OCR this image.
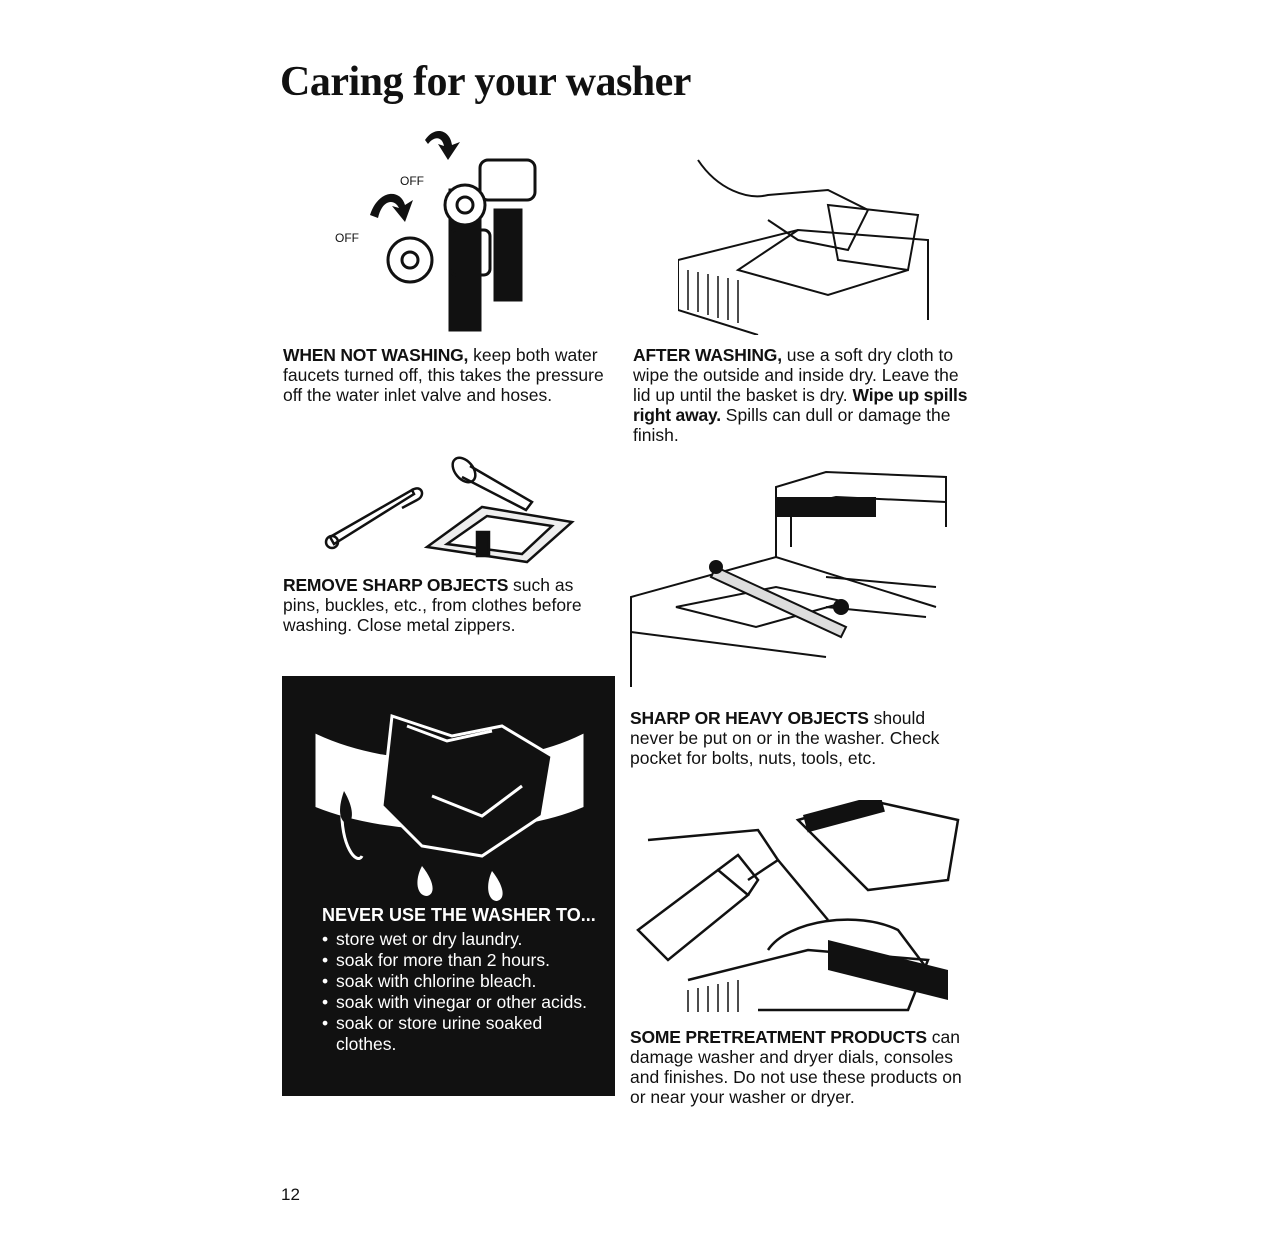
Caring for your washer
OFF
OFF
WHEN NOT WASHING, keep both water faucets turned off, this takes the pressure off the water inlet valve and hoses.
AFTER WASHING, use a soft dry cloth to wipe the outside and inside dry. Leave the lid up until the basket is dry. Wipe up spills right away. Spills can dull or damage the finish.
REMOVE SHARP OBJECTS such as pins, buckles, etc., from clothes before washing. Close metal zippers.
SHARP OR HEAVY OBJECTS should never be put on or in the washer. Check pocket for bolts, nuts, tools, etc.
SOME PRETREATMENT PRODUCTS can damage washer and dryer dials, consoles and finishes. Do not use these products on or near your washer or dryer.
NEVER USE THE WASHER TO...
• store wet or dry laundry.
• soak for more than 2 hours.
• soak with chlorine bleach.
• soak with vinegar or other acids.
• soak or store urine soaked clothes.
12
